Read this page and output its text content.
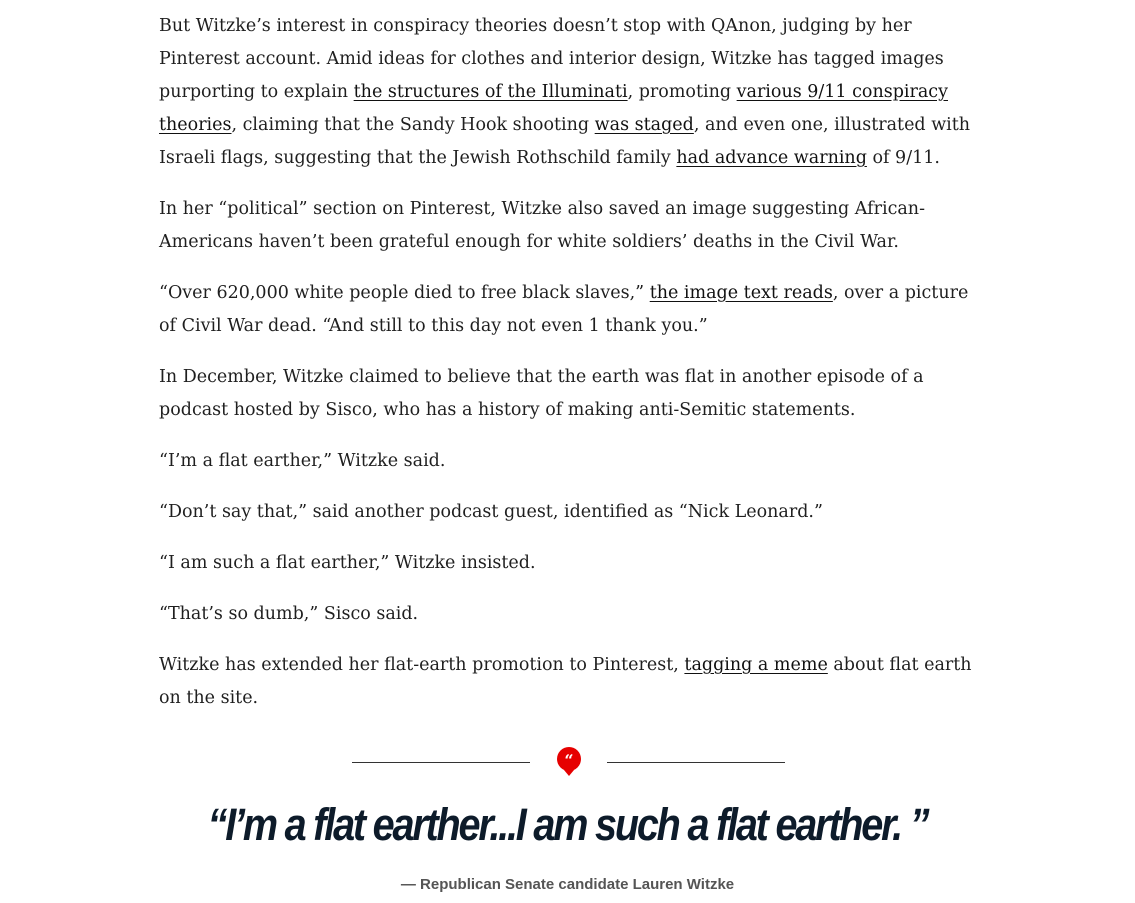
But Witzke’s interest in conspiracy theories doesn’t stop with QAnon, judging by her Pinterest account. Amid ideas for clothes and interior design, Witzke has tagged images purporting to explain the structures of the Illuminati, promoting various 9/11 conspiracy theories, claiming that the Sandy Hook shooting was staged, and even one, illustrated with Israeli flags, suggesting that the Jewish Rothschild family had advance warning of 9/11.

In her “political” section on Pinterest, Witzke also saved an image suggesting African-Americans haven’t been grateful enough for white soldiers’ deaths in the Civil War.

“Over 620,000 white people died to free black slaves,” the image text reads, over a picture of Civil War dead. “And still to this day not even 1 thank you.”

In December, Witzke claimed to believe that the earth was flat in another episode of a podcast hosted by Sisco, who has a history of making anti-Semitic statements.

“I’m a flat earther,” Witzke said.

“Don’t say that,” said another podcast guest, identified as “Nick Leonard.”

“I am such a flat earther,” Witzke insisted.

“That’s so dumb,” Sisco said.

Witzke has extended her flat-earth promotion to Pinterest, tagging a meme about flat earth on the site.

“
“I’m a flat earther...I am such a flat earther. ”
— Republican Senate candidate Lauren Witzke
